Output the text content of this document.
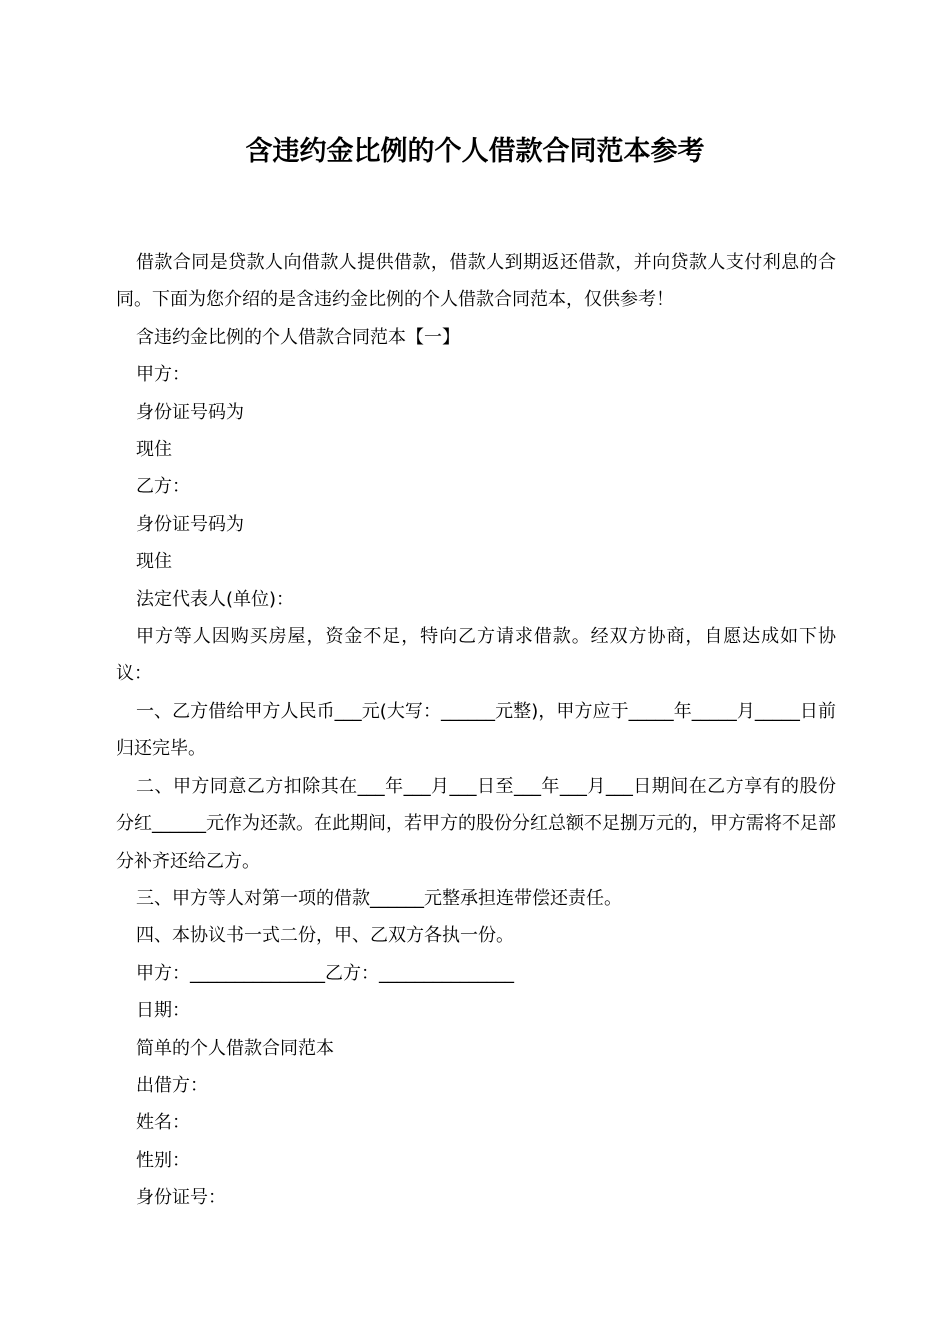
含违约金比例的个人借款合同范本参考

借款合同是贷款人向借款人提供借款，借款人到期返还借款，并向贷款人支付利息的合同。下面为您介绍的是含违约金比例的个人借款合同范本，仅供参考！

含违约金比例的个人借款合同范本【一】

甲方：

身份证号码为

现住

乙方：

身份证号码为

现住

法定代表人(单位)：

甲方等人因购买房屋，资金不足，特向乙方请求借款。经双方协商，自愿达成如下协议：

一、乙方借给甲方人民币___元(大写：______元整)，甲方应于_____年_____月_____日前归还完毕。

二、甲方同意乙方扣除其在___年___月___日至___年___月___日期间在乙方享有的股份分红______元作为还款。在此期间，若甲方的股份分红总额不足捌万元的，甲方需将不足部分补齐还给乙方。

三、甲方等人对第一项的借款______元整承担连带偿还责任。

四、本协议书一式二份，甲、乙双方各执一份。

甲方：_______________乙方：_______________

日期：

简单的个人借款合同范本

出借方：

姓名：

性别：

身份证号：
